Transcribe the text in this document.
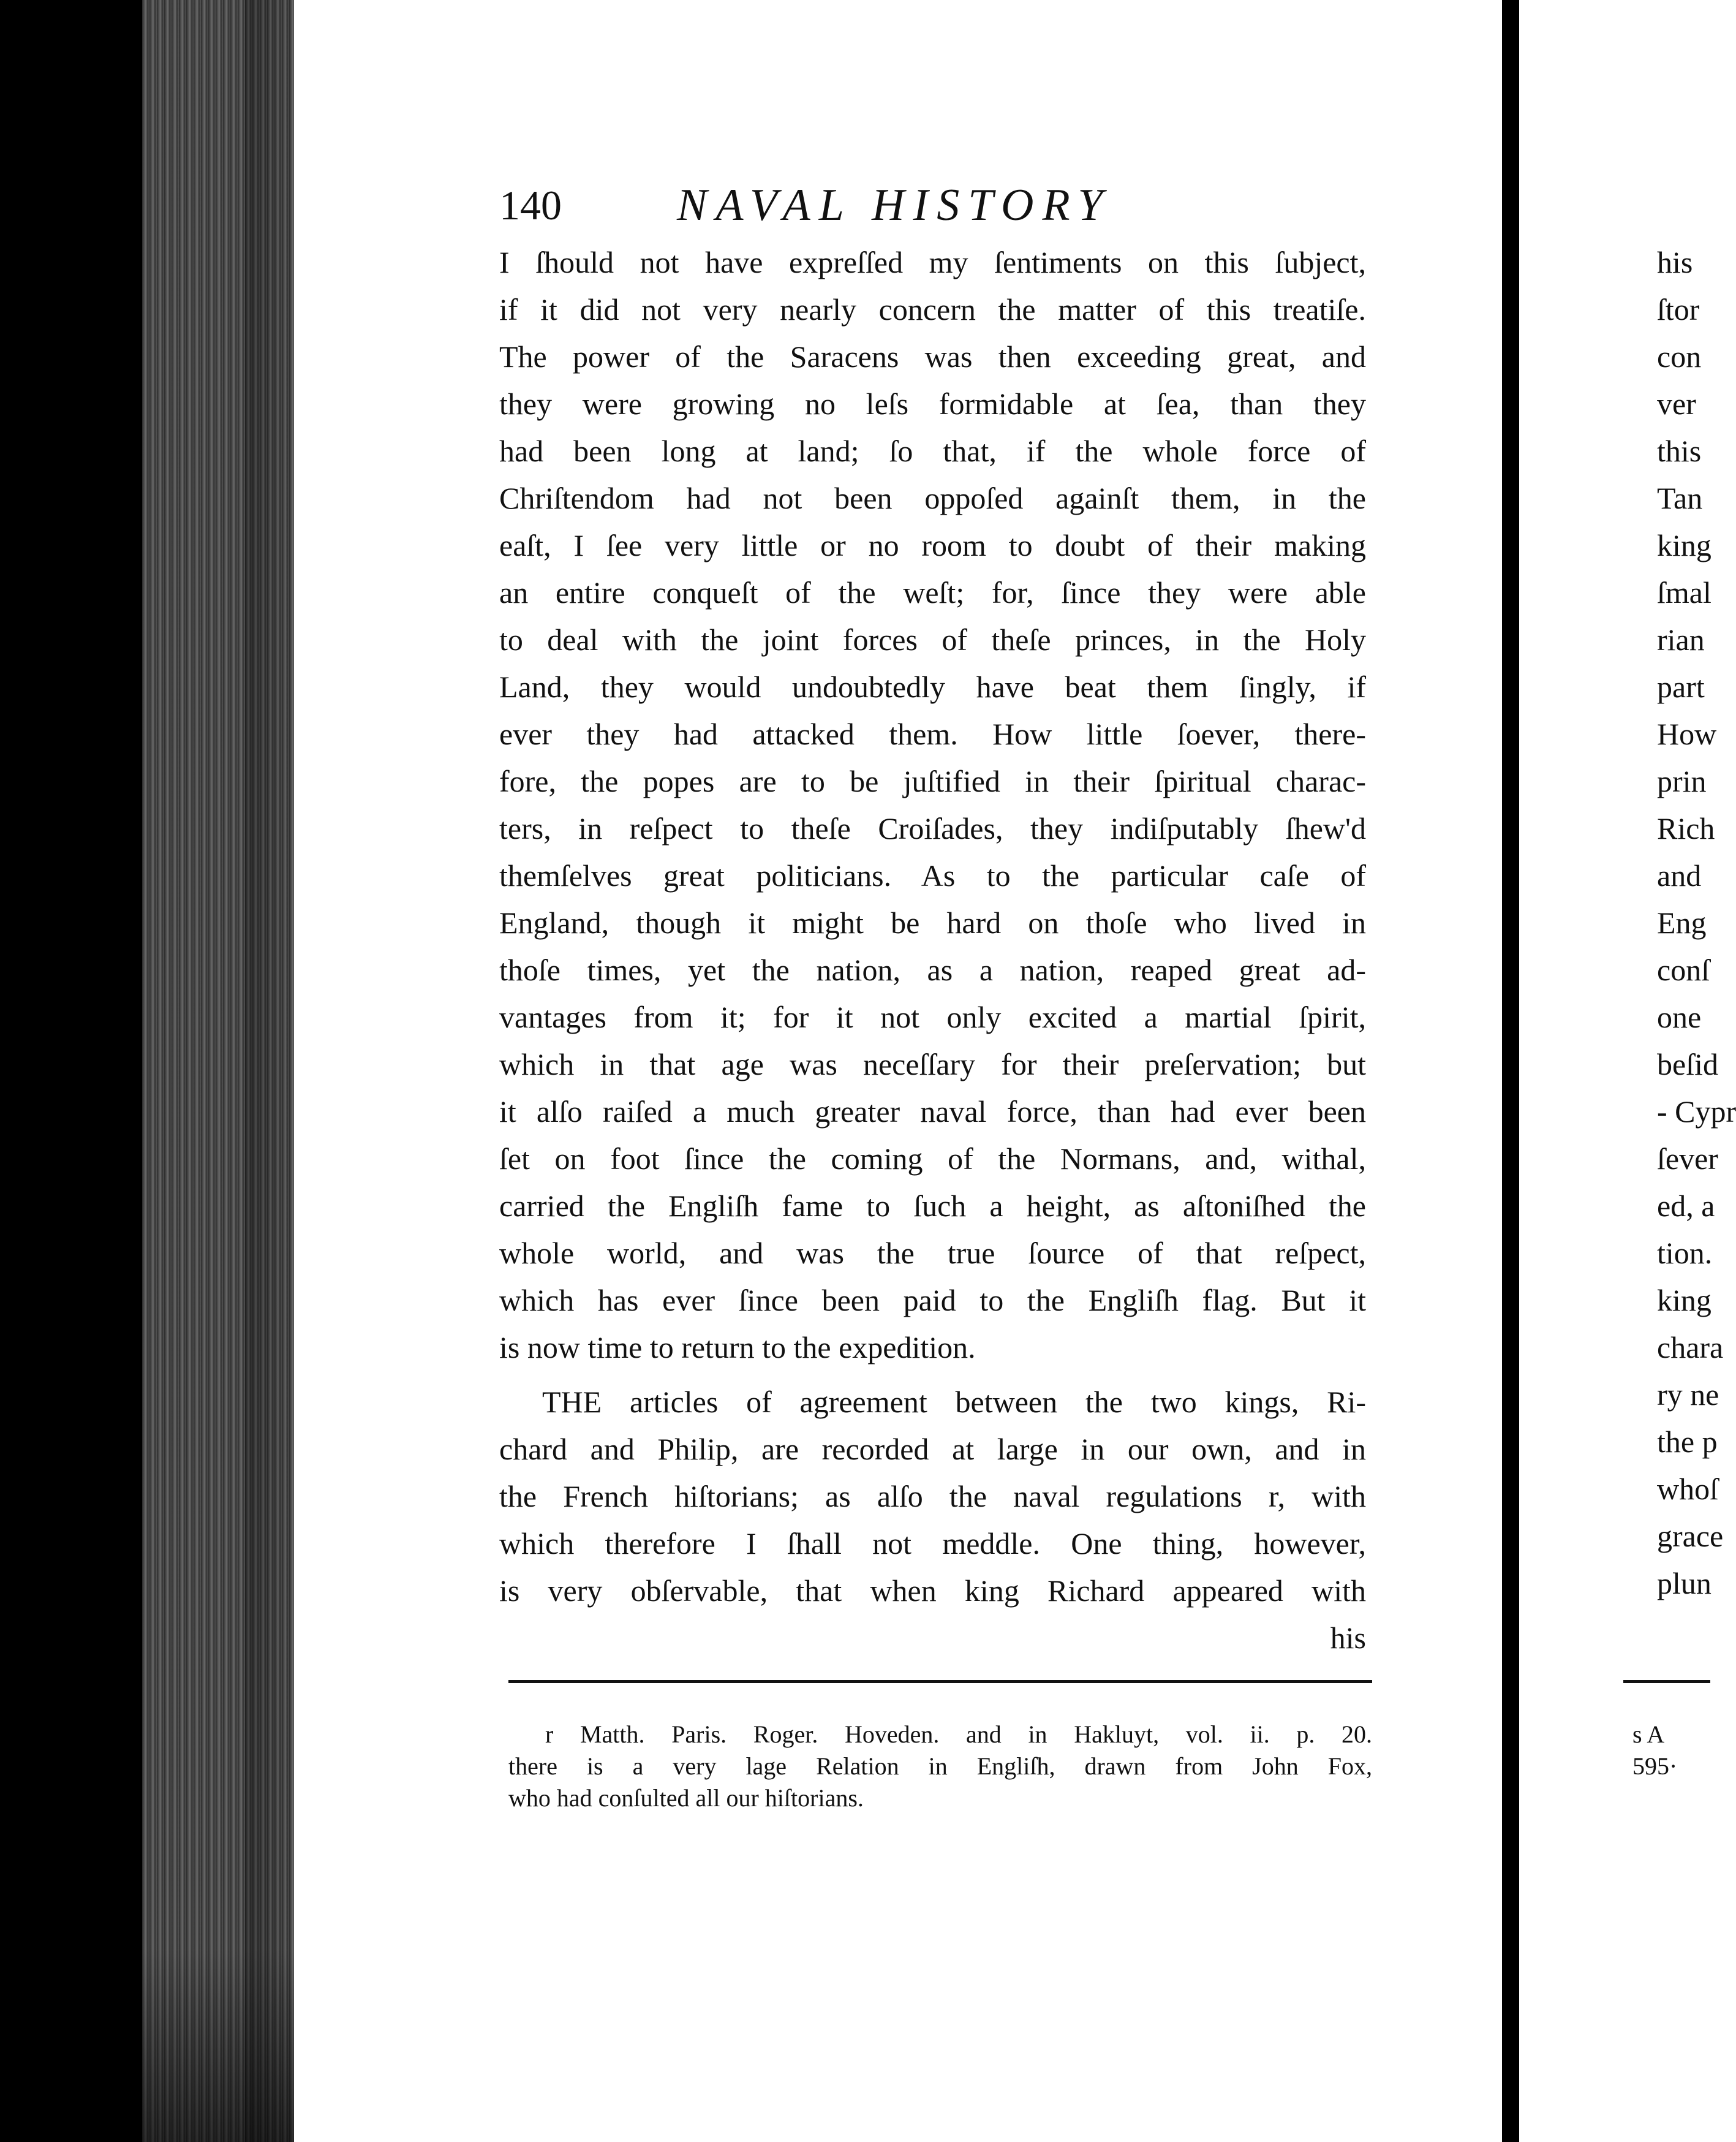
140	NAVAL HISTORY
I ſhould not have expreſſed my ſentiments on this ſubject,
if it did not very nearly concern the matter of this treatiſe.
The power of the Saracens was then exceeding great, and
they were growing no leſs formidable at ſea, than they
had been long at land; ſo that, if the whole force of
Chriſtendom had not been oppoſed againſt them, in the
eaſt, I ſee very little or no room to doubt of their making
an entire conqueſt of the weſt; for, ſince they were able
to deal with the joint forces of theſe princes, in the Holy
Land, they would undoubtedly have beat them ſingly, if
ever they had attacked them. How little ſoever, there-
fore, the popes are to be juſtified in their ſpiritual charac-
ters, in reſpect to theſe Croiſades, they indiſputably ſhew'd
themſelves great politicians. As to the particular caſe of
England, though it might be hard on thoſe who lived in
thoſe times, yet the nation, as a nation, reaped great ad-
vantages from it; for it not only excited a martial ſpirit,
which in that age was neceſſary for their preſervation; but
it alſo raiſed a much greater naval force, than had ever been
ſet on foot ſince the coming of the Normans, and, withal,
carried the Engliſh fame to ſuch a height, as aſtoniſhed the
whole world, and was the true ſource of that reſpect,
which has ever ſince been paid to the Engliſh flag. But it
is now time to return to the expedition.
THE articles of agreement between the two kings, Ri-
chard and Philip, are recorded at large in our own, and in
the French hiſtorians; as alſo the naval regulations r, with
which therefore I ſhall not meddle. One thing, however,
is very obſervable, that when king Richard appeared with
his
r Matth. Paris. Roger. Hoveden. and in Hakluyt, vol. ii. p. 20.
there is a very lage Relation in Engliſh, drawn from John Fox,
who had conſulted all our hiſtorians.
his
ſtor
con
ver
this
Tan
king
ſmal
rian
part
How
prin
Rich
and
Eng
conſ
one
beſid
- Cypr
ſever
ed, a
tion.
king
chara
ry ne
the p
whoſ
grace
plun
s A
595·
